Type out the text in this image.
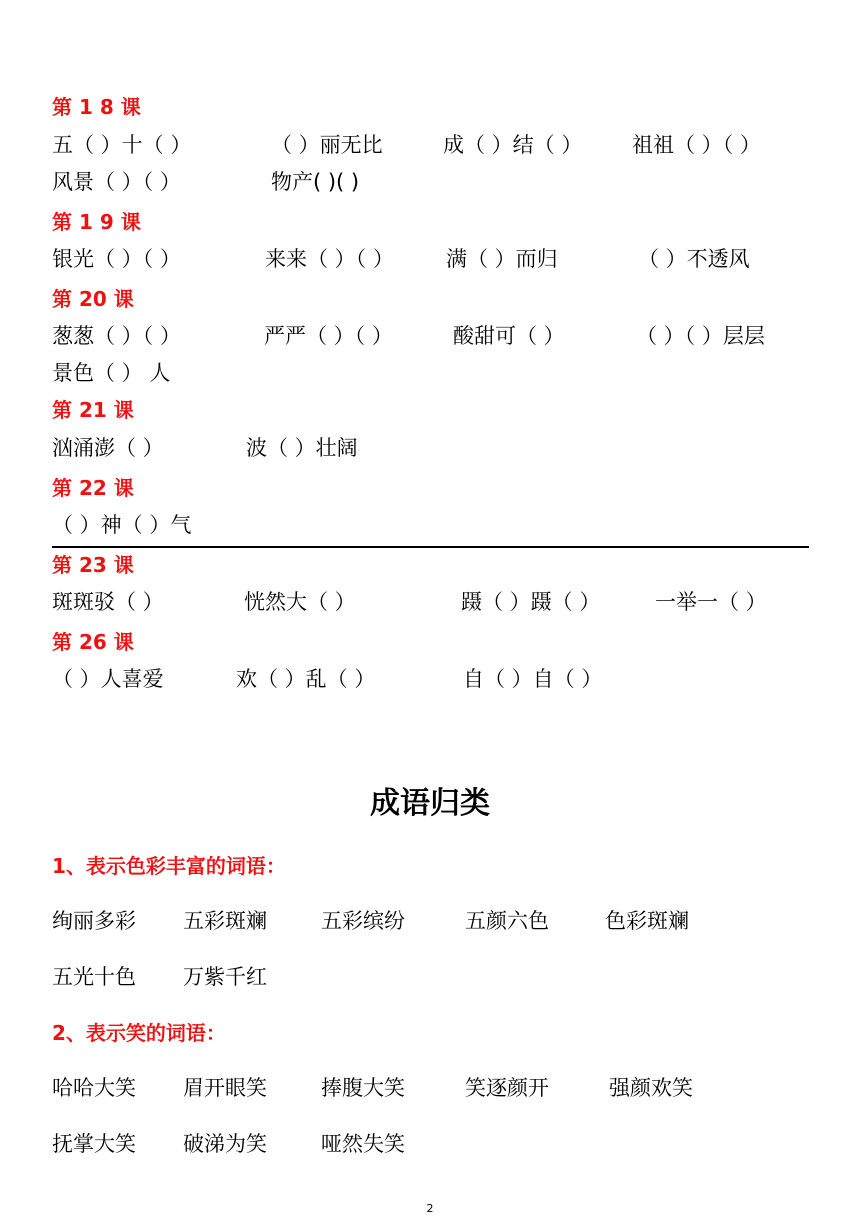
第 1 8 课
五（ ）十（ ）	（ ）丽无比	成（ ）结（ ） 祖祖（ ）（ ）
风景（ ）（ ）	物产( )( )
第 1 9 课
银光（ ）（ ）	来来（ ）（ ） 满（ ）而归	（ ）不透风
第 20 课
葱葱（ ）（ ）	严严（ ）（ ）	酸甜可（ ）	（ ）（ ）层层
景色（ ） 人
第 21 课
汹涌澎（ ）	波（ ）壮阔
第 22 课
（ ）神（ ）气
第 23 课
斑斑驳（ ）	恍然大（ ）	蹑（ ）蹑（ ）	一举一（ ）
第 26 课
（ ）人喜爱	欢（ ）乱（ ）	自（ ）自（ ）
成语归类
1、表示色彩丰富的词语：
绚丽多彩 五彩斑斓	五彩缤纷	五颜六色	色彩斑斓
五光十色 万紫千红
2、表示笑的词语：
哈哈大笑 眉开眼笑	捧腹大笑	笑逐颜开	强颜欢笑
抚掌大笑 破涕为笑	哑然失笑
2
